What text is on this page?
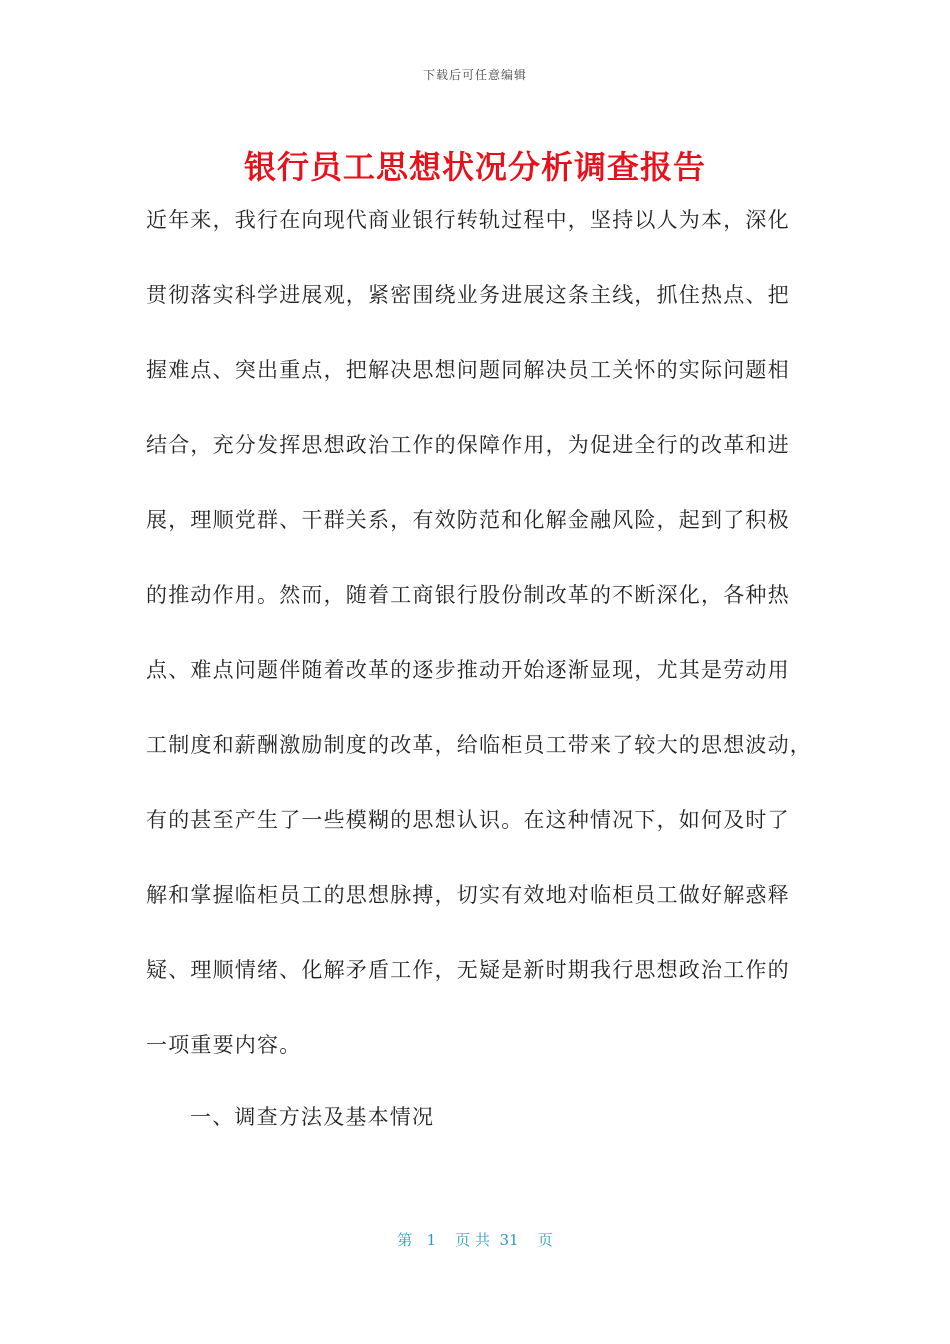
下载后可任意编辑
银行员工思想状况分析调查报告
近年来，我行在向现代商业银行转轨过程中，坚持以人为本，深化
贯彻落实科学进展观，紧密围绕业务进展这条主线，抓住热点、把
握难点、突出重点，把解决思想问题同解决员工关怀的实际问题相
结合，充分发挥思想政治工作的保障作用，为促进全行的改革和进
展，理顺党群、干群关系，有效防范和化解金融风险，起到了积极
的推动作用。然而，随着工商银行股份制改革的不断深化，各种热
点、难点问题伴随着改革的逐步推动开始逐渐显现，尤其是劳动用
工制度和薪酬激励制度的改革，给临柜员工带来了较大的思想波动，
有的甚至产生了一些模糊的思想认识。在这种情况下，如何及时了
解和掌握临柜员工的思想脉搏，切实有效地对临柜员工做好解惑释
疑、理顺情绪、化解矛盾工作，无疑是新时期我行思想政治工作的
一项重要内容。
一、调查方法及基本情况
第 1 页 共 31 页
